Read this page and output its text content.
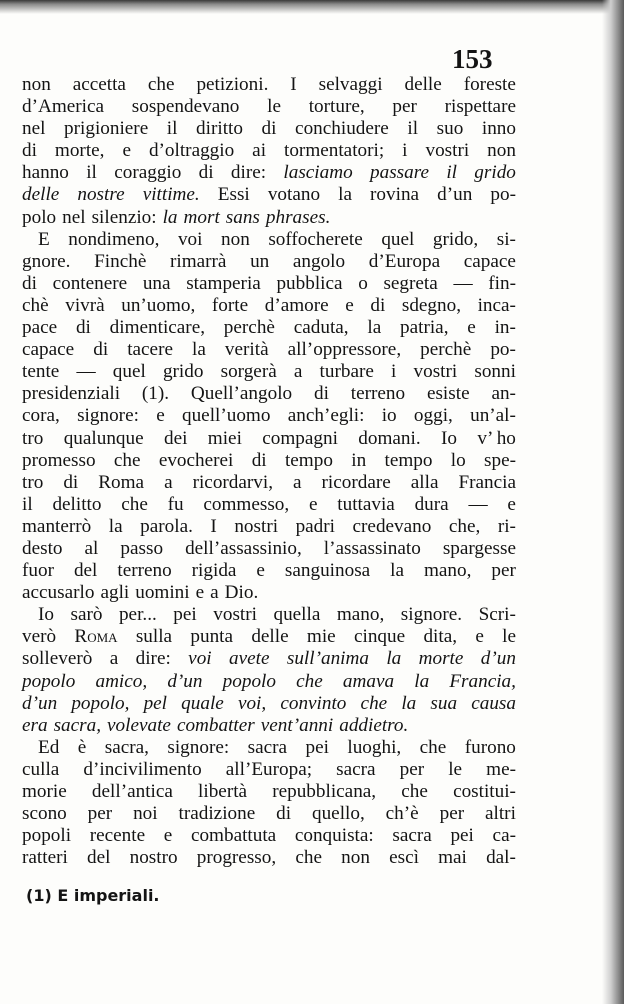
153
non accetta che petizioni. I selvaggi delle foreste
d’America sospendevano le torture, per rispettare
nel prigioniere il diritto di conchiudere il suo inno
di morte, e d’oltraggio ai tormentatori; i vostri non
hanno il coraggio di dire: lasciamo passare il grido
delle nostre vittime. Essi votano la rovina d’un po-
polo nel silenzio: la mort sans phrases.
E nondimeno, voi non soffocherete quel grido, si-
gnore. Finchè rimarrà un angolo d’Europa capace
di contenere una stamperia pubblica o segreta — fin-
chè vivrà un’uomo, forte d’amore e di sdegno, inca-
pace di dimenticare, perchè caduta, la patria, e in-
capace di tacere la verità all’oppressore, perchè po-
tente — quel grido sorgerà a turbare i vostri sonni
presidenziali (1). Quell’angolo di terreno esiste an-
cora, signore: e quell’uomo anch’egli: io oggi, un’al-
tro qualunque dei miei compagni domani. Io v’ ho
promesso che evocherei di tempo in tempo lo spe-
tro di Roma a ricordarvi, a ricordare alla Francia
il delitto che fu commesso, e tuttavia dura — e
manterrò la parola. I nostri padri credevano che, ri-
desto al passo dell’assassinio, l’assassinato spargesse
fuor del terreno rigida e sanguinosa la mano, per
accusarlo agli uomini e a Dio.
Io sarò per... pei vostri quella mano, signore. Scri-
verò Roma sulla punta delle mie cinque dita, e le
solleverò a dire: voi avete sull’anima la morte d’un
popolo amico, d’un popolo che amava la Francia,
d’un popolo, pel quale voi, convinto che la sua causa
era sacra, volevate combatter vent’anni addietro.
Ed è sacra, signore: sacra pei luoghi, che furono
culla d’incivilimento all’Europa; sacra per le me-
morie dell’antica libertà repubblicana, che costitui-
scono per noi tradizione di quello, ch’è per altri
popoli recente e combattuta conquista: sacra pei ca-
ratteri del nostro progresso, che non escì mai dal-
(1) E imperiali.
